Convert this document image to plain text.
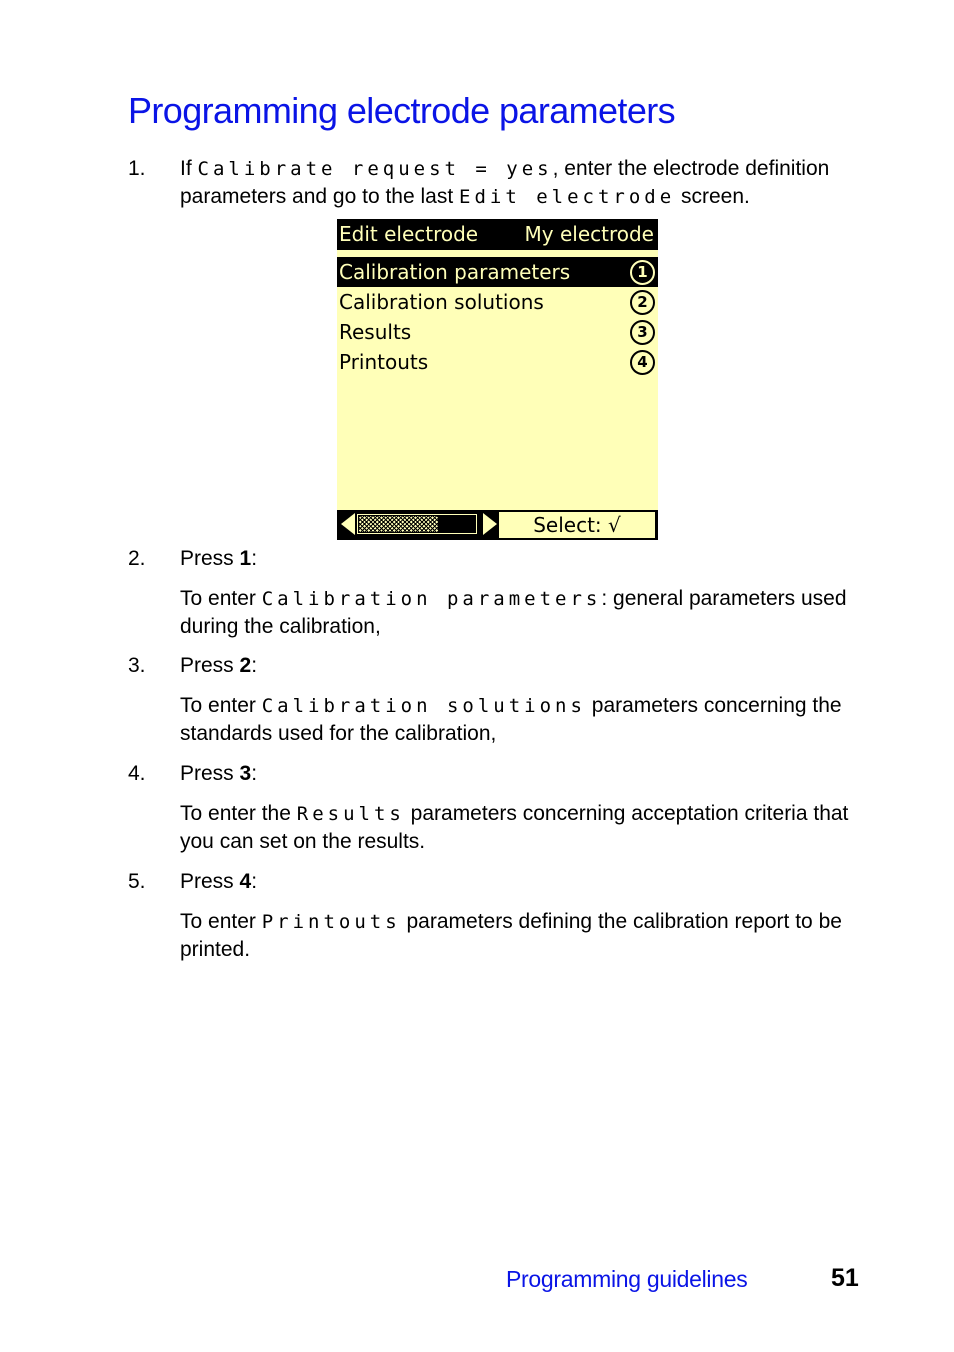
Programming electrode parameters
1. If Calibrate request = yes, enter the electrode definition parameters and go to the last Edit electrode screen.
Edit electrode My electrode
Calibration parameters	1
Calibration solutions	2
Results	3
Printouts	4
Select: √
2. Press 1:
To enter Calibration parameters: general parameters used during the calibration,
3. Press 2:
To enter Calibration solutions parameters concerning the standards used for the calibration,
4. Press 3:
To enter the Results parameters concerning acceptation criteria that you can set on the results.
5. Press 4:
To enter Printouts parameters defining the calibration report to be printed.
Programming guidelines	51
